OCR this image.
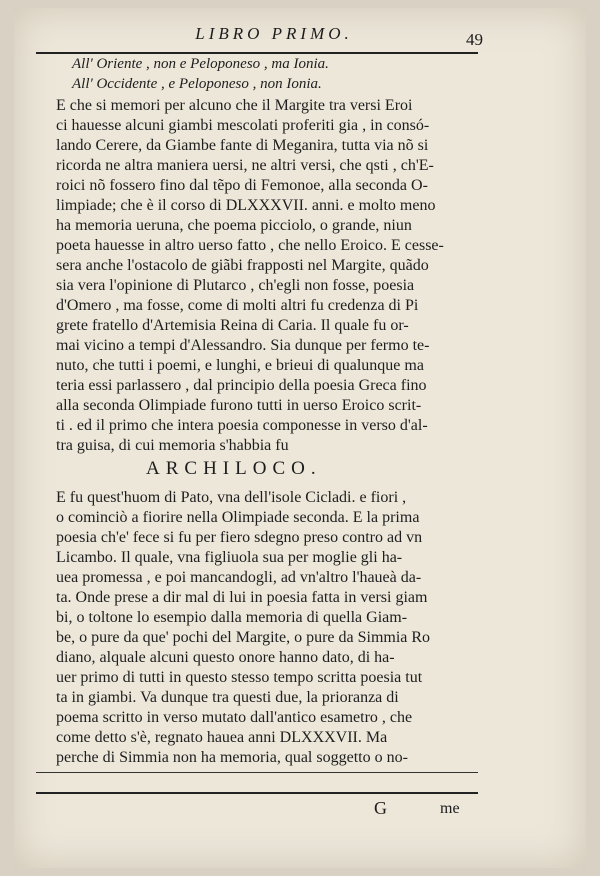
LIBRO PRIMO.	49
All' Oriente , non e Peloponeso , ma Ionia.
All' Occidente , e Peloponeso , non Ionia.
E che si memori per alcuno che il Margite tra versi Eroi
ci hauesse alcuni giambi mescolati proferiti gia , in consó-
lando Cerere, da Giambe fante di Meganira, tutta via nõ si
ricorda ne altra maniera uersi, ne altri versi, che qsti , ch'E-
roici nõ fossero fino dal tẽpo di Femonoe, alla seconda O-
limpiade; che è il corso di DLXXXVII. anni. e molto meno
ha memoria ueruna, che poema picciolo, o grande, niun
poeta hauesse in altro uerso fatto , che nello Eroico. E cesse-
sera anche l'ostacolo de giãbi frapposti nel Margite, quãdo
sia vera l'opinione di Plutarco , ch'egli non fosse, poesia
d'Omero , ma fosse, come di molti altri fu credenza di Pi
grete fratello d'Artemisia Reina di Caria. Il quale fu or-
mai vicino a tempi d'Alessandro. Sia dunque per fermo te-
nuto, che tutti i poemi, e lunghi, e brieui di qualunque ma
teria essi parlassero , dal principio della poesia Greca fino
alla seconda Olimpiade furono tutti in uerso Eroico scrit-
ti . ed il primo che intera poesia componesse in verso d'al-
tra guisa, di cui memoria s'habbia fu
ARCHILOCO.
E fu quest'huom di Pato, vna dell'isole Cicladi. e fiori ,
o cominciò a fiorire nella Olimpiade seconda. E la prima
poesia ch'e' fece si fu per fiero sdegno preso contro ad vn
Licambo. Il quale, vna figliuola sua per moglie gli ha-
uea promessa , e poi mancandogli, ad vn'altro l'haueà da-
ta. Onde prese a dir mal di lui in poesia fatta in versi giam
bi, o toltone lo esempio dalla memoria di quella Giam-
be, o pure da que' pochi del Margite, o pure da Simmia Ro
diano, alquale alcuni questo onore hanno dato, di ha-
uer primo di tutti in questo stesso tempo scritta poesia tut
ta in giambi. Va dunque tra questi due, la prioranza di
poema scritto in verso mutato dall'antico esametro , che
come detto s'è, regnato hauea anni DLXXXVII. Ma
perche di Simmia non ha memoria, qual soggetto o no-
G	me
